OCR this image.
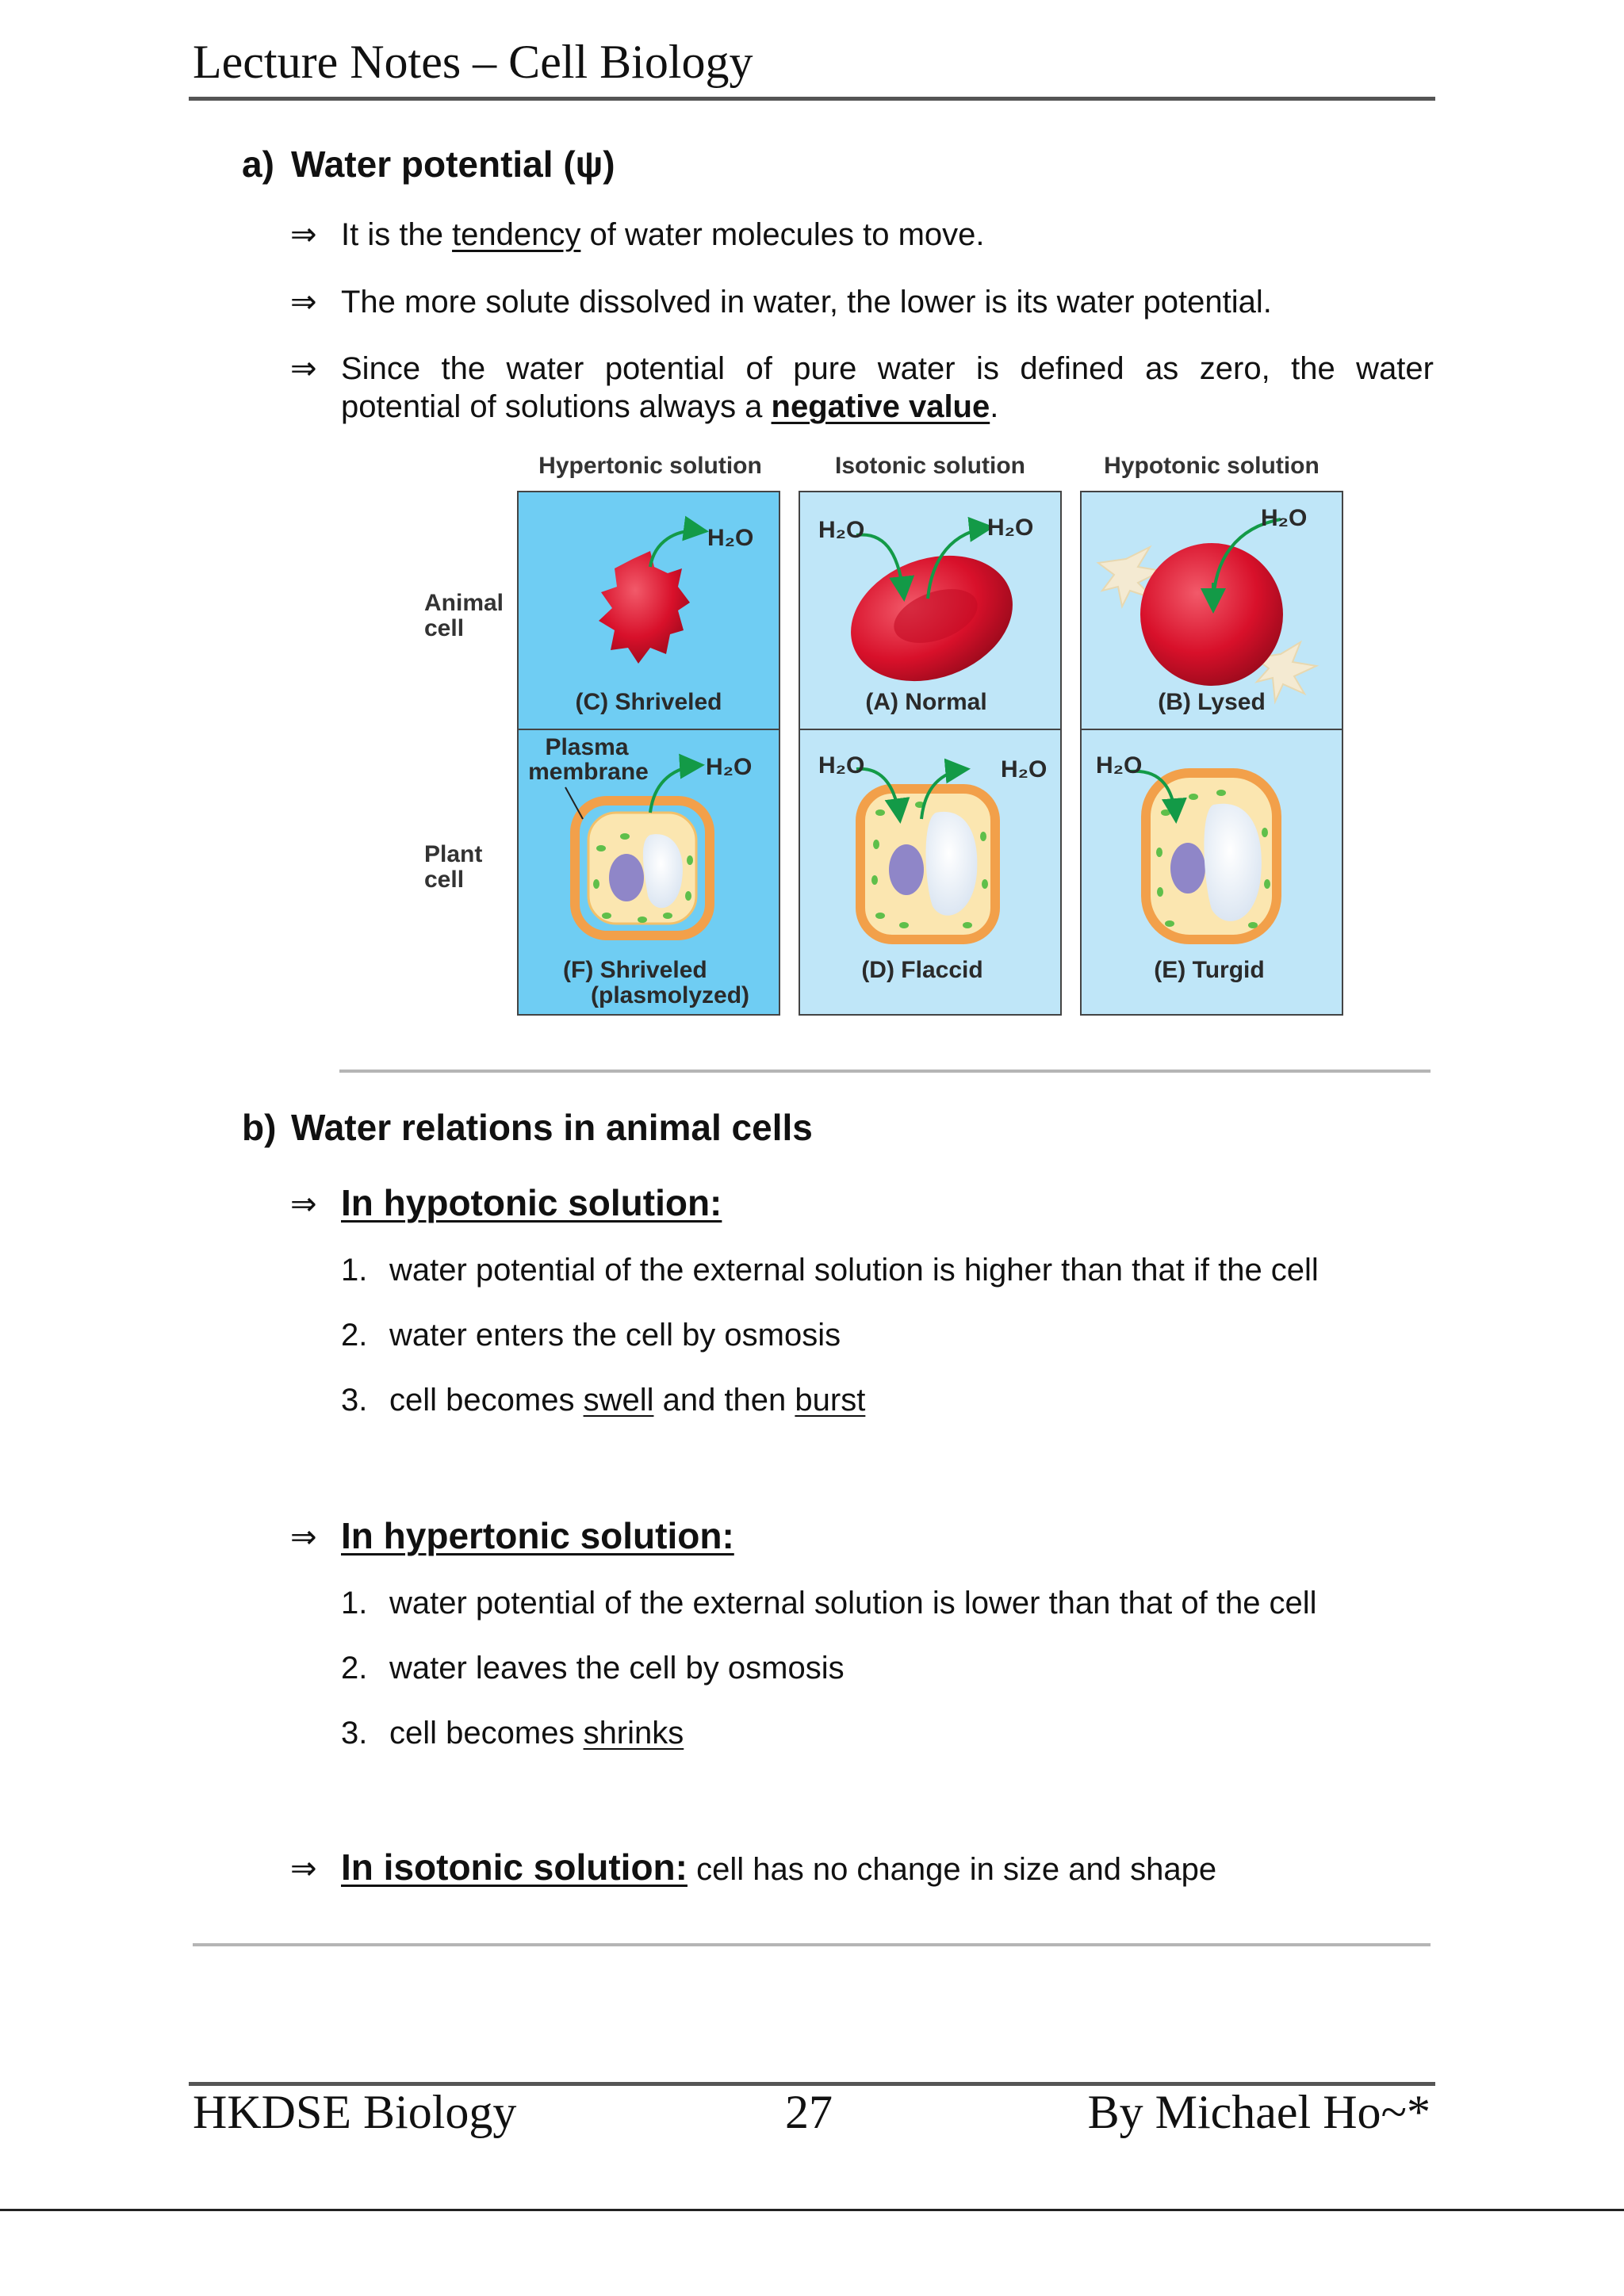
Lecture Notes – Cell Biology
a) Water potential (ψ)
⇒ It is the tendency of water molecules to move.
⇒ The more solute dissolved in water, the lower is its water potential.
⇒ Since the water potential of pure water is defined as zero, the water
potential of solutions always a negative value.
Hypertonic solution	Isotonic solution	Hypotonic solution
Animal
cell
Plant
cell
H₂O
(C) Shriveled
H₂O	H₂O
(A) Normal
H₂O
(B) Lysed
Plasma
membrane H₂O
(F) Shriveled
(plasmolyzed)
H₂O	H₂O
(D) Flaccid
H₂O
(E) Turgid
b) Water relations in animal cells
⇒ In hypotonic solution:
1. water potential of the external solution is higher than that if the cell
2. water enters the cell by osmosis
3. cell becomes swell and then burst
⇒ In hypertonic solution:
1. water potential of the external solution is lower than that of the cell
2. water leaves the cell by osmosis
3. cell becomes shrinks
⇒ In isotonic solution: cell has no change in size and shape
HKDSE Biology	27	By Michael Ho~*
